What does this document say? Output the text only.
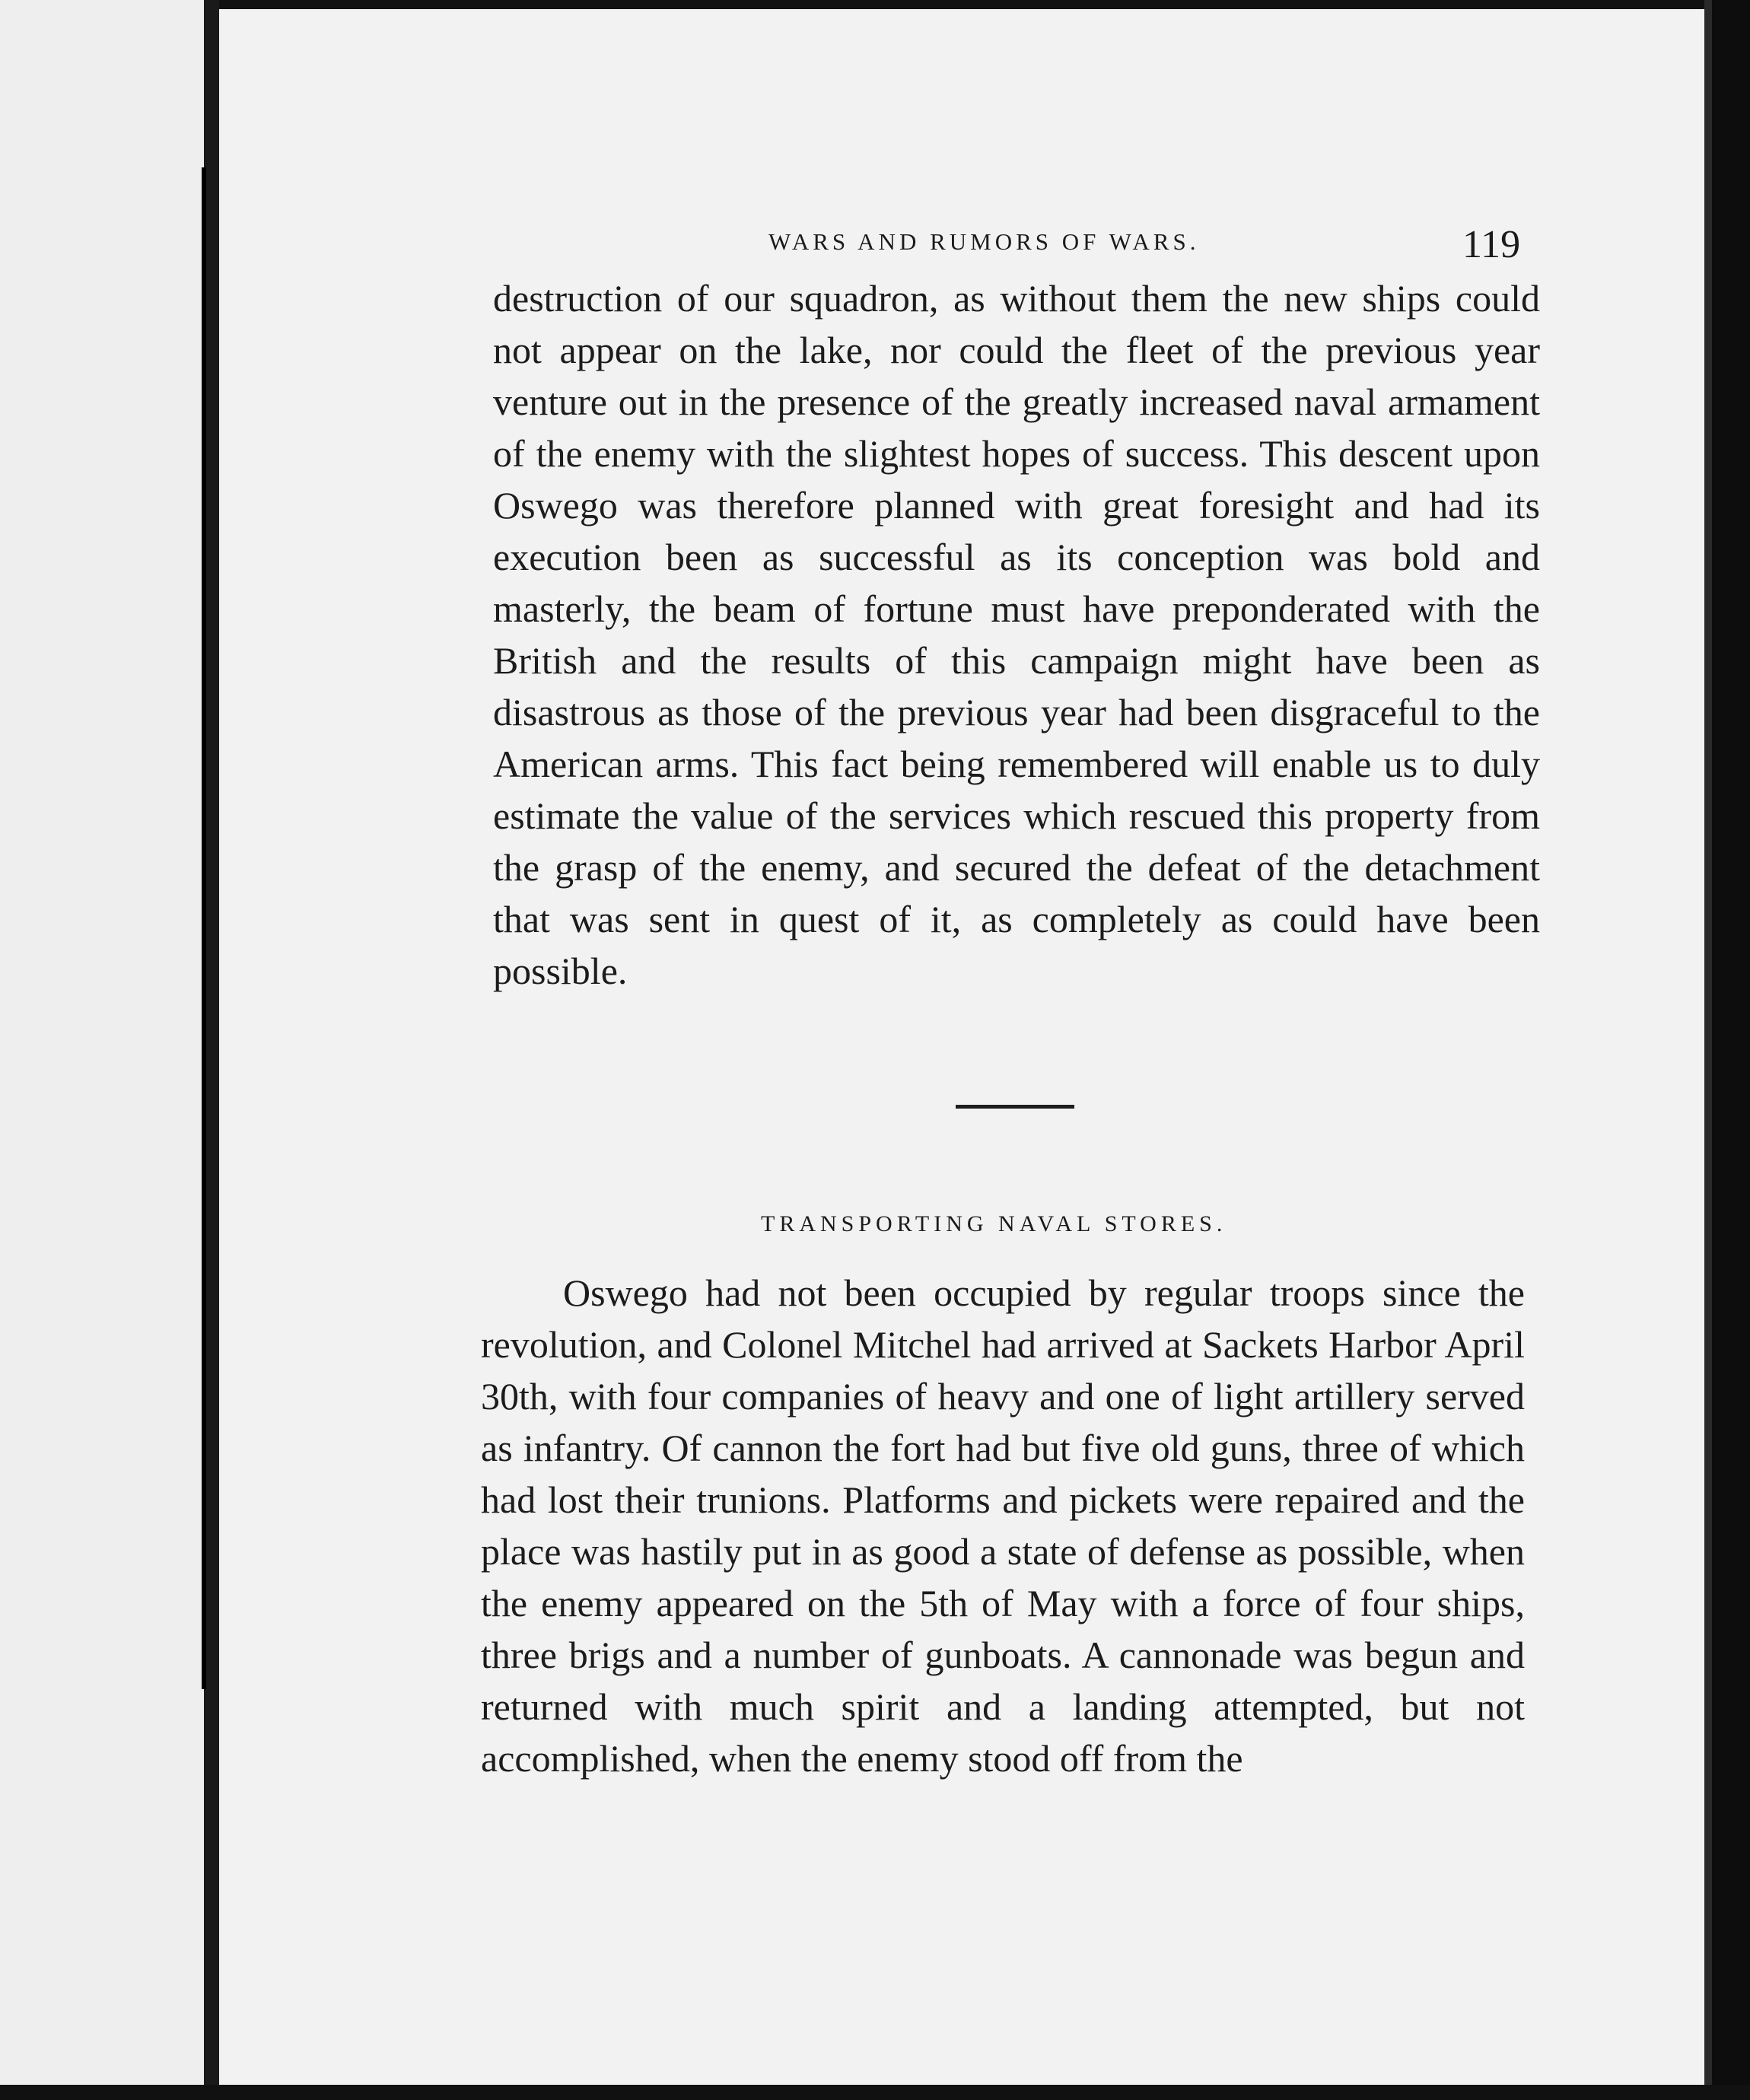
WARS AND RUMORS OF WARS.	119
destruction of our squadron, as without them the new ships could not appear on the lake, nor could the fleet of the previous year venture out in the presence of the greatly increased naval armament of the enemy with the slightest hopes of success. This descent upon Oswego was therefore planned with great foresight and had its execution been as successful as its conception was bold and masterly, the beam of fortune must have preponderated with the British and the results of this campaign might have been as disastrous as those of the previous year had been disgraceful to the American arms. This fact being remembered will enable us to duly estimate the value of the services which rescued this property from the grasp of the enemy, and secured the defeat of the detachment that was sent in quest of it, as completely as could have been possible.
TRANSPORTING NAVAL STORES.
Oswego had not been occupied by regular troops since the revolution, and Colonel Mitchel had arrived at Sackets Harbor April 30th, with four companies of heavy and one of light artillery served as infantry. Of cannon the fort had but five old guns, three of which had lost their trunions. Platforms and pickets were repaired and the place was hastily put in as good a state of defense as possible, when the enemy appeared on the 5th of May with a force of four ships, three brigs and a number of gunboats. A cannonade was begun and returned with much spirit and a landing attempted, but not accomplished, when the enemy stood off from the
